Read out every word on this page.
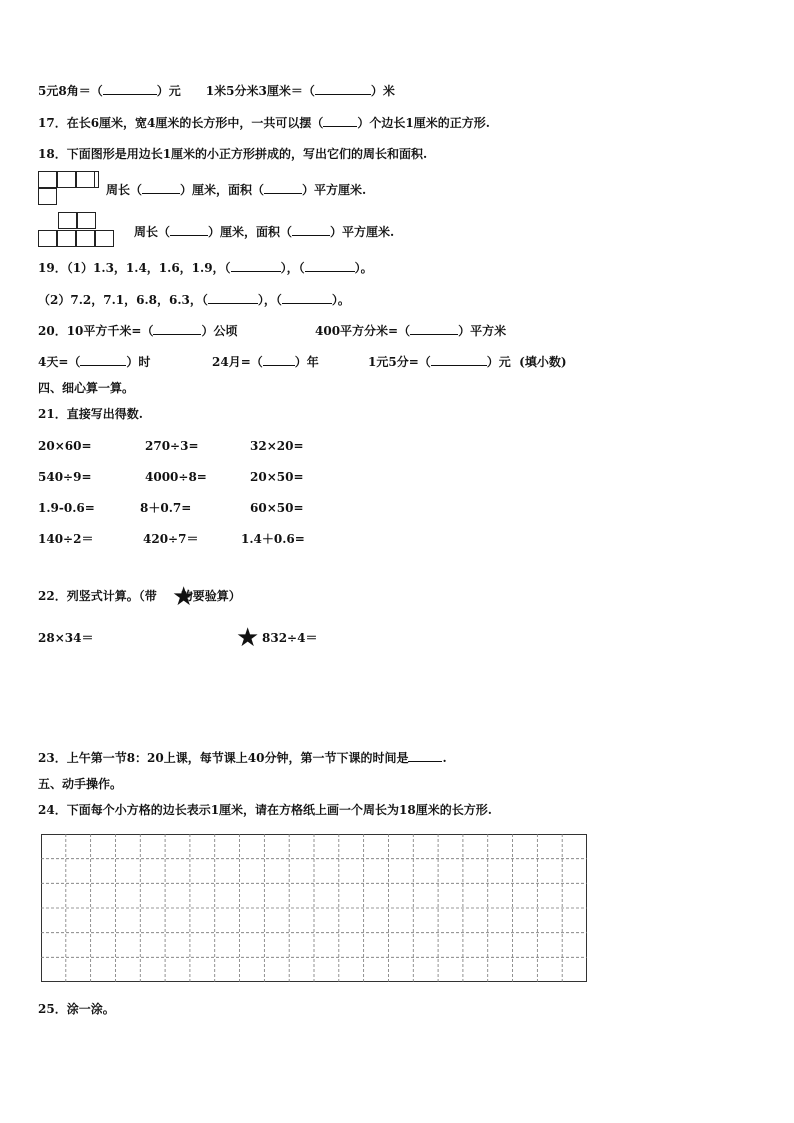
5元8角＝（	）元 1米5分米3厘米＝（	）米
17．在长6厘米，宽4厘米的长方形中，一共可以摆（	）个边长1厘米的正方形.
18．下面图形是用边长1厘米的小正方形拼成的，写出它们的周长和面积.
周长（	）厘米，面积（	）平方厘米.
周长（	）厘米，面积（	）平方厘米.
19．（1）1.3，1.4，1.6，1.9，（	），（	）。
（2）7.2，7.1，6.8，6.3，（	），（	）。
20．10平方千米=（	）公顷	400平方分米=（	）平方米
4天=（	）时	24月=（	）年	1元5分=（	）元 (填小数)
四、细心算一算。
21．直接写出得数.
20×60=	270÷3=	32×20=
540÷9=	4000÷8=	20×50=
1.9-0.6=	8＋0.7=	60×50=
140÷2＝	420÷7＝	1.4＋0.6=
22．列竖式计算。（带 的要验算）
★
28×34＝	★ 832÷4＝
23．上午第一节8：20上课，每节课上40分钟，第一节下课的时间是	.
五、动手操作。
24．下面每个小方格的边长表示1厘米，请在方格纸上画一个周长为18厘米的长方形.
25．涂一涂。
